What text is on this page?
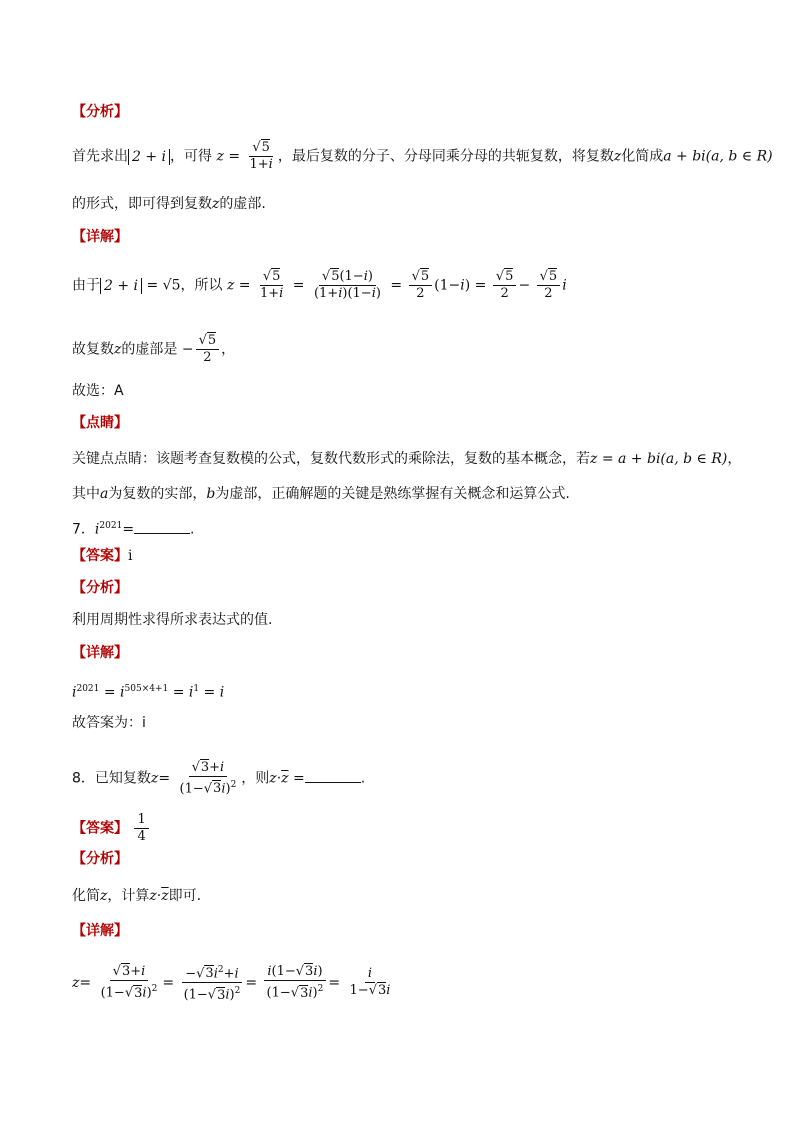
【分析】
首先求出 2 + i ，可得 $z = \frac{√5}{1+i}$ ，最后复数的分子、分母同乘分母的共轭复数，将复数z化简成a + bi(a, b ∈ R)
的形式，即可得到复数z的虚部.
【详解】
由于 2 + i = √5，所以 $z = \frac{√5}{1+i} = \frac{√5(1-i)}{(1+i)(1-i)} = \frac{√5}{2} (1-i) = \frac{√5}{2} - \frac{√5}{2}$ i
故复数z的虚部是 − $\frac{√5}{2}$ ，
故选：A
【点睛】
关键点点睛：该题考查复数模的公式，复数代数形式的乘除法，复数的基本概念，若z = a + bi(a, b ∈ R)，
其中a为复数的实部，b为虚部，正确解题的关键是熟练掌握有关概念和运算公式.
7．$i^{2021}=$	.
【答案】i
【分析】
利用周期性求得所求表达式的值.
【详解】
$i^{2021} = i^{505\times 4+1} = i^1 = i$
故答案为：i
8．已知复数$z= \frac{√3+i}{(1-√3i)^2}$ ，则$z\cdot\overline{z}$ =	.
【答案】 $\frac{1}{4}$
【分析】
化简z，计算$z\cdot\overline{z}$即可.
【详解】
$z= \frac{√3+i}{(1-√3i)^2} = \frac{-√3i^2+i}{(1-√3i)^2} = \frac{i(1-√3i)}{(1-√3i)^2} = \frac{i}{1-√3i}$
